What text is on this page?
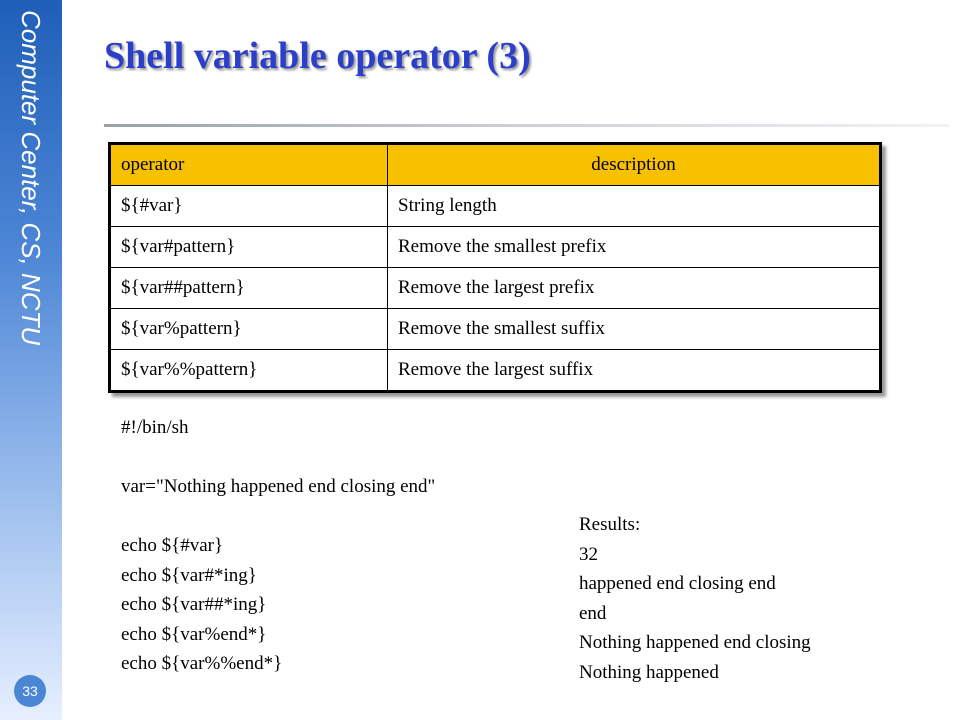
Computer Center, CS, NCTU
33
Shell variable operator (3)
operator	description
${#var}	String length
${var#pattern}	Remove the smallest prefix
${var##pattern}	Remove the largest prefix
${var%pattern}	Remove the smallest suffix
${var%%pattern}	Remove the largest suffix
#!/bin/sh
var="Nothing happened end closing end"
echo ${#var}
echo ${var#*ing}
echo ${var##*ing}
echo ${var%end*}
echo ${var%%end*}
Results:
32
happened end closing end
end
Nothing happened end closing
Nothing happened
